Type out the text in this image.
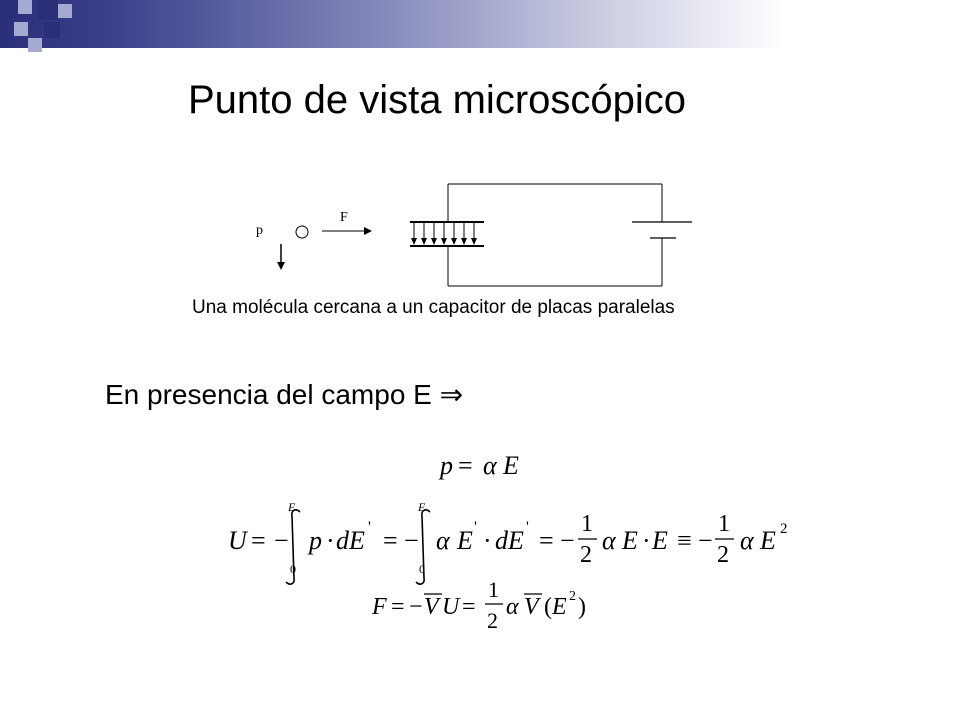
Punto de vista microscópico
p
F
p = α E
U = −
E
0
p · dE ' = −
E
0
α E ' · dE ' = −
1
2 α E · E ≡ −
1
2 α E 2
F = − V U =
1
2
α V ( E 2 )
Una molécula cercana a un capacitor de placas paralelas
En presencia del campo E ⇒
